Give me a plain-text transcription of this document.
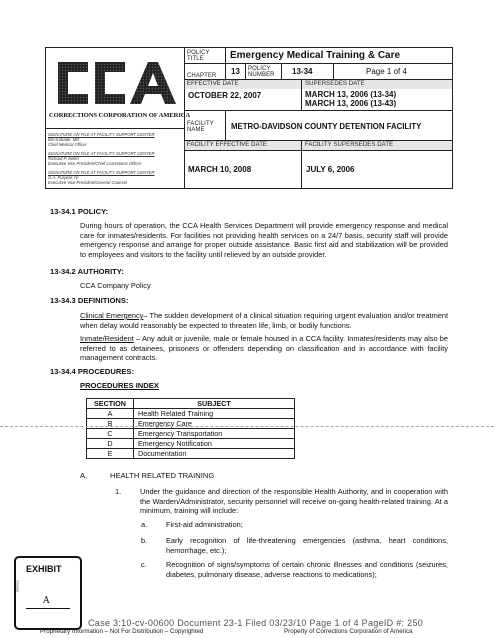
CORRECTIONS CORPORATION OF AMERICA
SIGNATURE ON FILE AT FACILITY SUPPORT CENTER
Bill Andrade, MD
Chief Medical Officer
SIGNATURE ON FILE AT FACILITY SUPPORT CENTER
Richard P. Seiter
Executive Vice President/Chief Corrections Officer
SIGNATURE ON FILE AT FACILITY SUPPORT CENTER
G.A. Puryear, IV
Executive Vice President/General Counsel
POLICY TITLE	Emergency Medical Training & Care
CHAPTER 13 POLICY NUMBER	13-34	Page 1 of 4
EFFECTIVE DATE	SUPERSEDES DATE
OCTOBER 22, 2007	MARCH 13, 2006 (13-34)
MARCH 13, 2006 (13-43)
FACILITY NAME	METRO-DAVIDSON COUNTY DETENTION FACILITY
FACILITY EFFECTIVE DATE	FACILITY SUPERSEDES DATE
MARCH 10, 2008	JULY 6, 2006
13-34.1 POLICY:

During hours of operation, the CCA Health Services Department will provide emergency response and medical care for inmates/residents. For facilities not providing health services on a 24/7 basis, security staff will provide emergency response and arrange for proper outside assistance. Basic first aid and stabilization will be provided to employees and visitors to the facility until relieved by an outside provider.

13-34.2 AUTHORITY:

CCA Company Policy

13-34.3 DEFINITIONS:

Clinical Emergency– The sudden development of a clinical situation requiring urgent evaluation and/or treatment when delay would reasonably be expected to threaten life, limb, or bodily functions.

Inmate/Resident – Any adult or juvenile, male or female housed in a CCA facility. Inmates/residents may also be referred to as detainees, prisoners or offenders depending on classification and in accordance with facility management contracts.

13-34.4 PROCEDURES:
PROCEDURES INDEX
SECTION	SUBJECT
A	Health Related Training
B	Emergency Care
C	Emergency Transportation
D	Emergency Notification
E	Documentation
A.	HEALTH RELATED TRAINING
1.	Under the guidance and direction of the responsible Health Authority, and in cooperation with the Warden/Administrator, security personnel will receive on-going health-related training. At a minimum, training will include:

a.	First-aid administration;

b.	Early recognition of life-threatening emergencies (asthma, heart conditions, hemorrhage, etc.);

c.	Recognition of signs/symptoms of certain chronic illnesses and conditions (seizures, diabetes, pulmonary disease, adverse reactions to medications);

EXHIBIT
tabbies
A
Case 3:10-cv-00600 Document 23-1 Filed 03/23/10 Page 1 of 4 PageID #: 250
Proprietary Information – Not For Distribution – Copyrighted	Property of Corrections Corporation of America
